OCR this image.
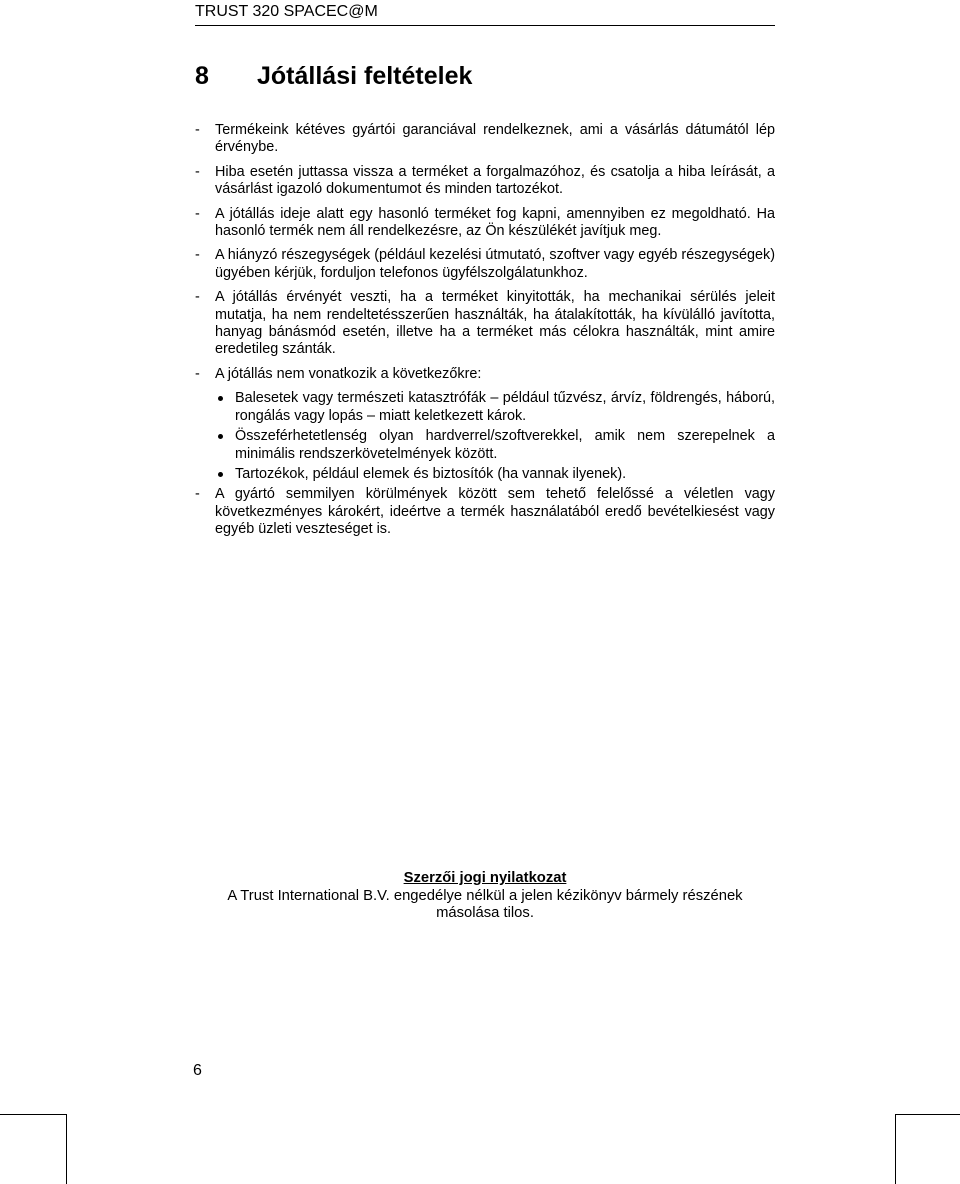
TRUST 320 SPACEC@M
8 Jótállási feltételek
- Termékeink kétéves gyártói garanciával rendelkeznek, ami a vásárlás dátumától lép érvénybe.

- Hiba esetén juttassa vissza a terméket a forgalmazóhoz, és csatolja a hiba leírását, a vásárlást igazoló dokumentumot és minden tartozékot.

- A jótállás ideje alatt egy hasonló terméket fog kapni, amennyiben ez megoldható. Ha hasonló termék nem áll rendelkezésre, az Ön készülékét javítjuk meg.

- A hiányzó részegységek (például kezelési útmutató, szoftver vagy egyéb részegységek) ügyében kérjük, forduljon telefonos ügyfélszolgálatunkhoz.

- A jótállás érvényét veszti, ha a terméket kinyitották, ha mechanikai sérülés jeleit mutatja, ha nem rendeltetésszerűen használták, ha átalakították, ha kívülálló javította, hanyag bánásmód esetén, illetve ha a terméket más célokra használták, mint amire eredetileg szánták.

- A jótállás nem vonatkozik a következőkre:

Balesetek vagy természeti katasztrófák – például tűzvész, árvíz, földrengés, háború, rongálás vagy lopás – miatt keletkezett károk.
Összeférhetetlenség olyan hardverrel/szoftverekkel, amik nem szerepelnek a minimális rendszerkövetelmények között.
Tartozékok, például elemek és biztosítók (ha vannak ilyenek).
- A gyártó semmilyen körülmények között sem tehető felelőssé a véletlen vagy következményes károkért, ideértve a termék használatából eredő bevételkiesést vagy egyéb üzleti veszteséget is.

Szerzői jogi nyilatkozat
A Trust International B.V. engedélye nélkül a jelen kézikönyv bármely részének
másolása tilos.
6
